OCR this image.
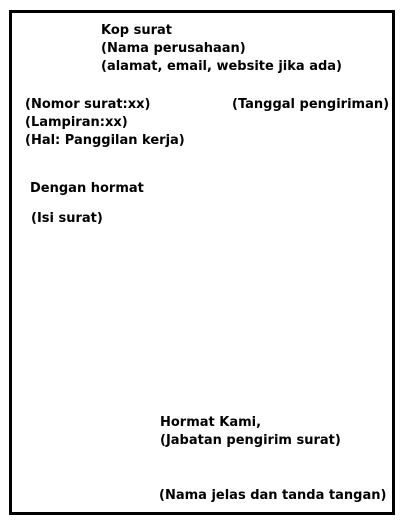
Kop surat
(Nama perusahaan)
(alamat, email, website jika ada)
(Nomor surat:xx)
(Lampiran:xx)
(Hal: Panggilan kerja)
(Tanggal pengiriman)
Dengan hormat
(Isi surat)
Hormat Kami,
(Jabatan pengirim surat)
(Nama jelas dan tanda tangan)
